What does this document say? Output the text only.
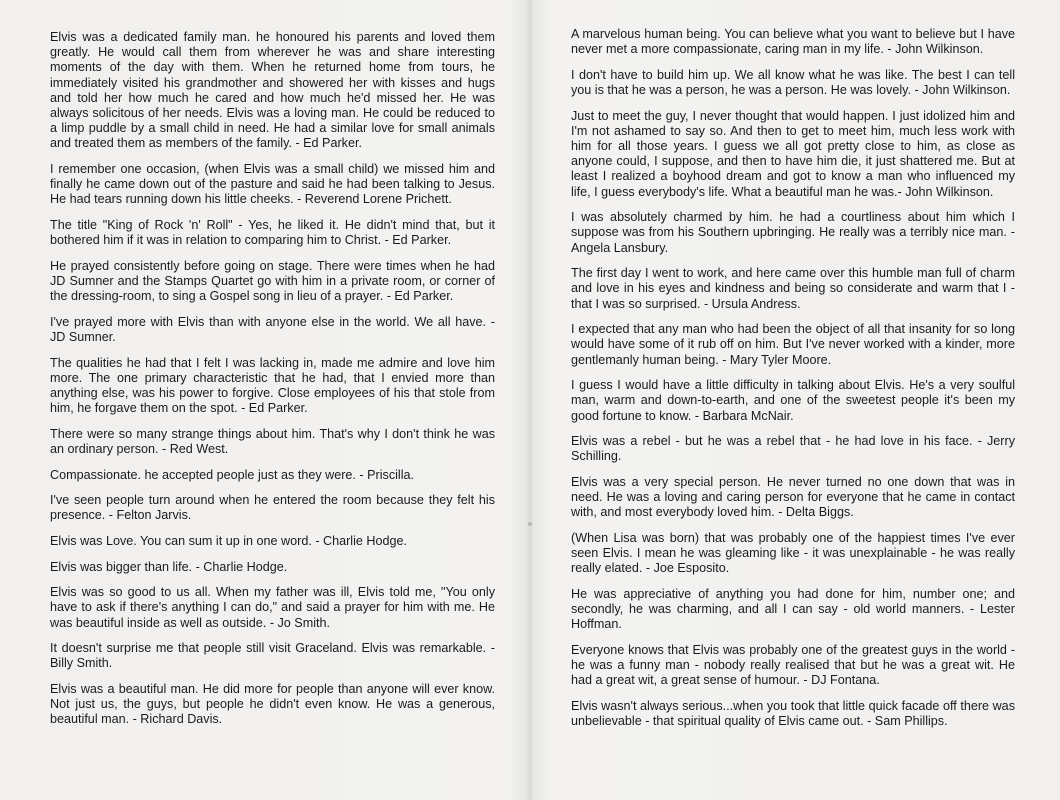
Elvis was a dedicated family man. he honoured his parents and loved them greatly. He would call them from wherever he was and share interesting moments of the day with them. When he returned home from tours, he immediately visited his grandmother and showered her with kisses and hugs and told her how much he cared and how much he'd missed her. He was always solicitous of her needs. Elvis was a loving man. He could be reduced to a limp puddle by a small child in need. He had a similar love for small animals and treated them as members of the family. - Ed Parker.

I remember one occasion, (when Elvis was a small child) we missed him and finally he came down out of the pasture and said he had been talking to Jesus. He had tears running down his little cheeks. - Reverend Lorene Prichett.

The title "King of Rock 'n' Roll" - Yes, he liked it. He didn't mind that, but it bothered him if it was in relation to comparing him to Christ. - Ed Parker.

He prayed consistently before going on stage. There were times when he had JD Sumner and the Stamps Quartet go with him in a private room, or corner of the dressing-room, to sing a Gospel song in lieu of a prayer. - Ed Parker.

I've prayed more with Elvis than with anyone else in the world. We all have. - JD Sumner.

The qualities he had that I felt I was lacking in, made me admire and love him more. The one primary characteristic that he had, that I envied more than anything else, was his power to forgive. Close employees of his that stole from him, he forgave them on the spot. - Ed Parker.

There were so many strange things about him. That's why I don't think he was an ordinary person. - Red West.

Compassionate. he accepted people just as they were. - Priscilla.

I've seen people turn around when he entered the room because they felt his presence. - Felton Jarvis.

Elvis was Love. You can sum it up in one word. - Charlie Hodge.

Elvis was bigger than life. - Charlie Hodge.

Elvis was so good to us all. When my father was ill, Elvis told me, "You only have to ask if there's anything I can do," and said a prayer for him with me. He was beautiful inside as well as outside. - Jo Smith.

It doesn't surprise me that people still visit Graceland. Elvis was remarkable. - Billy Smith.

Elvis was a beautiful man. He did more for people than anyone will ever know. Not just us, the guys, but people he didn't even know. He was a generous, beautiful man. - Richard Davis.

A marvelous human being. You can believe what you want to believe but I have never met a more compassionate, caring man in my life. - John Wilkinson.

I don't have to build him up. We all know what he was like. The best I can tell you is that he was a person, he was a person. He was lovely. - John Wilkinson.

Just to meet the guy, I never thought that would happen. I just idolized him and I'm not ashamed to say so. And then to get to meet him, much less work with him for all those years. I guess we all got pretty close to him, as close as anyone could, I suppose, and then to have him die, it just shattered me. But at least I realized a boyhood dream and got to know a man who influenced my life, I guess everybody's life. What a beautiful man he was.- John Wilkinson.

I was absolutely charmed by him. he had a courtliness about him which I suppose was from his Southern upbringing. He really was a terribly nice man. - Angela Lansbury.

The first day I went to work, and here came over this humble man full of charm and love in his eyes and kindness and being so considerate and warm that I - that I was so surprised. - Ursula Andress.

I expected that any man who had been the object of all that insanity for so long would have some of it rub off on him. But I've never worked with a kinder, more gentlemanly human being. - Mary Tyler Moore.

I guess I would have a little difficulty in talking about Elvis. He's a very soulful man, warm and down-to-earth, and one of the sweetest people it's been my good fortune to know. - Barbara McNair.

Elvis was a rebel - but he was a rebel that - he had love in his face. - Jerry Schilling.

Elvis was a very special person. He never turned no one down that was in need. He was a loving and caring person for everyone that he came in contact with, and most everybody loved him. - Delta Biggs.

(When Lisa was born) that was probably one of the happiest times I've ever seen Elvis. I mean he was gleaming like - it was unexplainable - he was really really elated. - Joe Esposito.

He was appreciative of anything you had done for him, number one; and secondly, he was charming, and all I can say - old world manners. - Lester Hoffman.

Everyone knows that Elvis was probably one of the greatest guys in the world - he was a funny man - nobody really realised that but he was a great wit. He had a great wit, a great sense of humour. - DJ Fontana.

Elvis wasn't always serious...when you took that little quick facade off there was unbelievable - that spiritual quality of Elvis came out. - Sam Phillips.
